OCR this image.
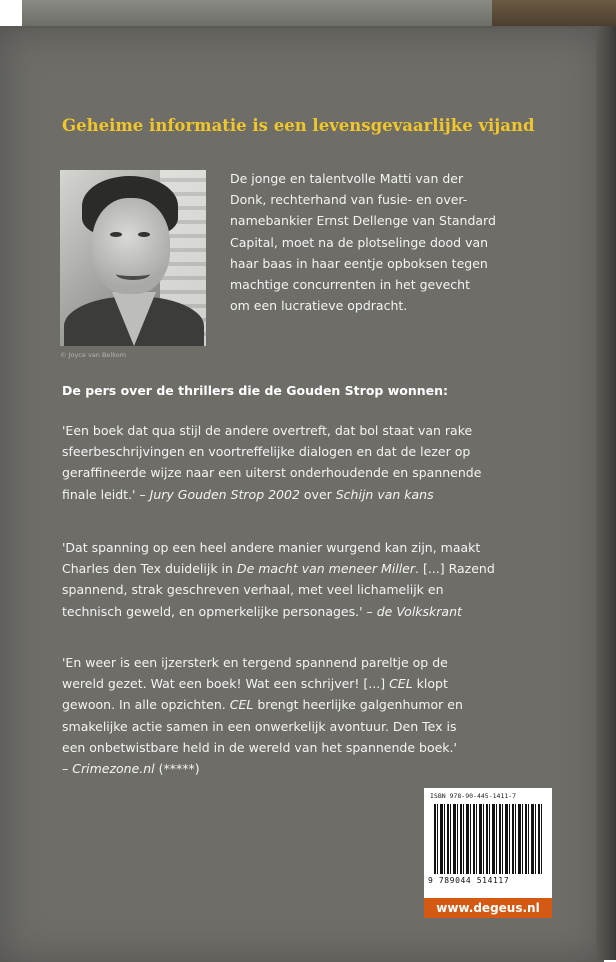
Geheime informatie is een levensgevaarlijke vijand
© Joyce van Belkom
De jonge en talentvolle Matti van der
Donk, rechterhand van fusie- en over-
namebankier Ernst Dellenge van Standard
Capital, moet na de plotselinge dood van
haar baas in haar eentje opboksen tegen
machtige concurrenten in het gevecht
om een lucratieve opdracht.
De pers over de thrillers die de Gouden Strop wonnen:
'Een boek dat qua stijl de andere overtreft, dat bol staat van rake
sfeerbeschrijvingen en voortreffelijke dialogen en dat de lezer op
geraffineerde wijze naar een uiterst onderhoudende en spannende
finale leidt.' – Jury Gouden Strop 2002 over Schijn van kans
'Dat spanning op een heel andere manier wurgend kan zijn, maakt
Charles den Tex duidelijk in De macht van meneer Miller. [...] Razend
spannend, strak geschreven verhaal, met veel lichamelijk en
technisch geweld, en opmerkelijke personages.' – de Volkskrant
'En weer is een ijzersterk en tergend spannend pareltje op de
wereld gezet. Wat een boek! Wat een schrijver! [...] CEL klopt
gewoon. In alle opzichten. CEL brengt heerlijke galgenhumor en
smakelijke actie samen in een onwerkelijk avontuur. Den Tex is
een onbetwistbare held in de wereld van het spannende boek.'
– Crimezone.nl (*****)
ISBN 978-90-445-1411-7
9 789044 514117
www.degeus.nl
